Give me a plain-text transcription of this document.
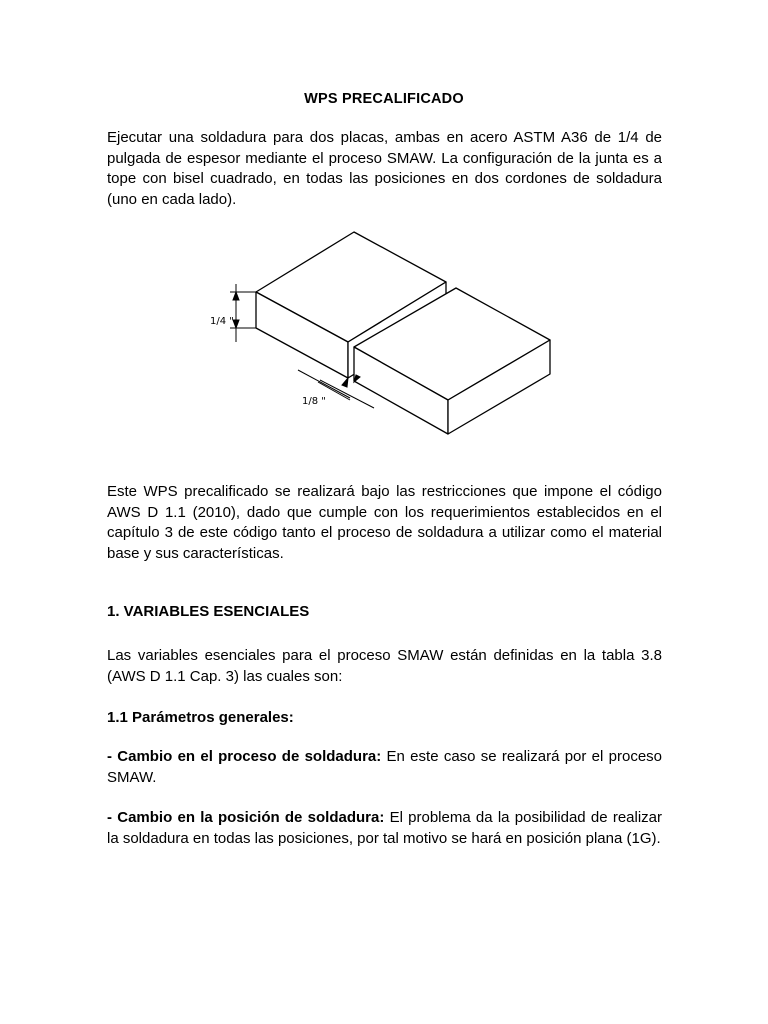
WPS PRECALIFICADO
Ejecutar una soldadura para dos placas, ambas en acero ASTM A36 de 1/4 de pulgada de espesor mediante el proceso SMAW. La configuración de la junta es a tope con bisel cuadrado, en todas las posiciones en dos cordones de soldadura (uno en cada lado).
1/4 "
1/8 "
Este WPS precalificado se realizará bajo las restricciones que impone el código AWS D 1.1 (2010), dado que cumple con los requerimientos establecidos en el capítulo 3 de este código tanto el proceso de soldadura a utilizar como el material base y sus características.
1. VARIABLES ESENCIALES
Las variables esenciales para el proceso SMAW están definidas en la tabla 3.8 (AWS D 1.1 Cap. 3) las cuales son:
1.1 Parámetros generales:
- Cambio en el proceso de soldadura: En este caso se realizará por el proceso SMAW.
- Cambio en la posición de soldadura: El problema da la posibilidad de realizar la soldadura en todas las posiciones, por tal motivo se hará en posición plana (1G).
